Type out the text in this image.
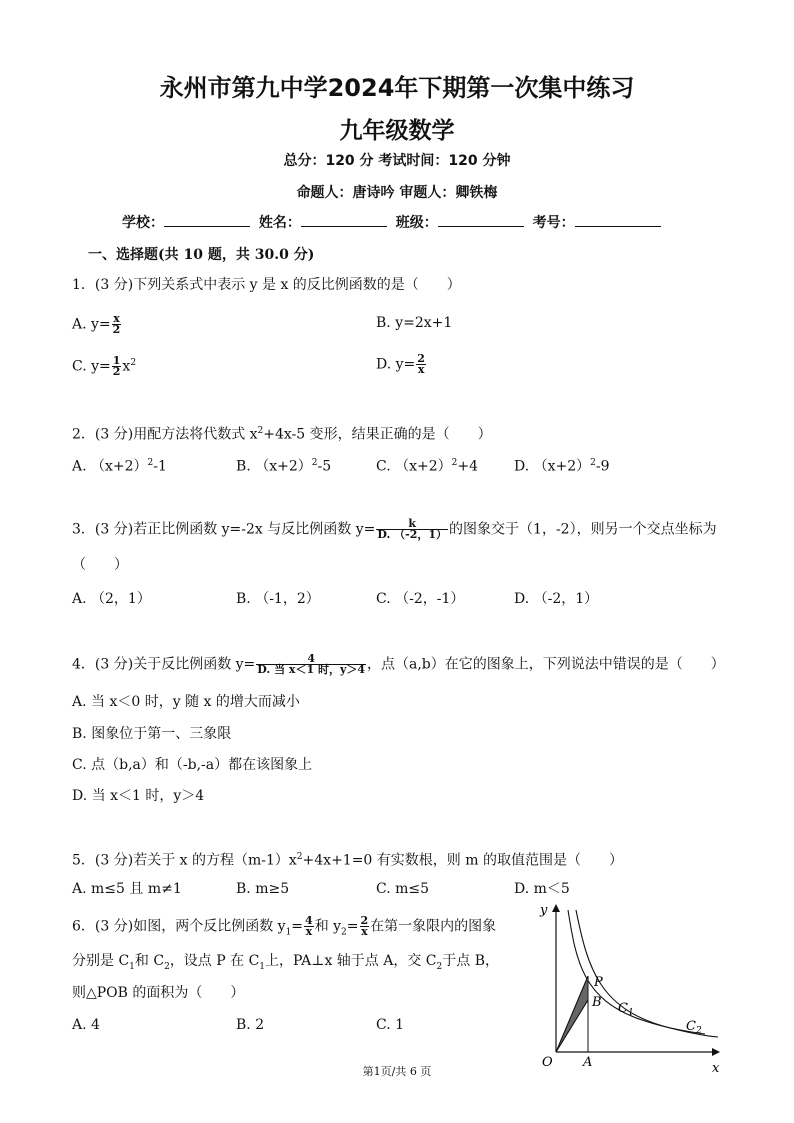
永州市第九中学2024年下期第一次集中练习
九年级数学
总分：120 分 考试时间：120 分钟
命题人：唐诗吟 审题人：卿铁梅
学校：	姓名：	班级：	考号：
一、选择题(共 10 题，共 30.0 分)
1．(3 分)下列关系式中表示 y 是 x 的反比例函数的是（　　）
A. $y= \frac{x}{2}$	B. y=2x+1
C. $y= \frac{1}{2} x^2$	D. $y= \frac{2}{x}$
2．(3 分)用配方法将代数式 $x^2+4x-5$ 变形，结果正确的是（　　）
A. $(x+2)^2-1$	B. $(x+2)^2-5$	C. $(x+2)^2+4$	D. $(x+2)^2-9$
3．(3 分)若正比例函数 y=-2x 与反比例函数 $y= \frac{k}{D. (-2,1)}$ 的图象交于（1，-2），则另一个交点坐标为
（　　）
A. （2，1）	B. （-1，2）	C. （-2，-1）	D. （-2，1）
4．(3 分)关于反比例函数 $y= \frac{4}{\text{D. 当 x＜1 时，y＞4}}$ ，点（a,b）在它的图象上，下列说法中错误的是（　　）
A. 当 x＜0 时，y 随 x 的增大而减小
B. 图象位于第一、三象限
C. 点（b,a）和（-b,-a）都在该图象上
D. 当 x＜1 时，y＞4
5．(3 分)若关于 x 的方程$(m-1)x^2+4x+1=0$ 有实数根，则 m 的取值范围是（　　）
A. m≤5 且 m≠1	B. m≥5	C. m≤5	D. m＜5
6．(3 分)如图，两个反比例函数 $y_1= \frac{4}{x}$ 和 $y_2= \frac{2}{x}$ 在第一象限内的图象
分别是 $C_1$和 $C_2$，设点 P 在 $C_1$上，PA⊥x 轴于点 A，交 $C_2$于点 B，
则△POB 的面积为（　　）
A. 4	B. 2	C. 1
y
x
O A
B
P
$C_1$
$C_2$
第1页/共 6 页
